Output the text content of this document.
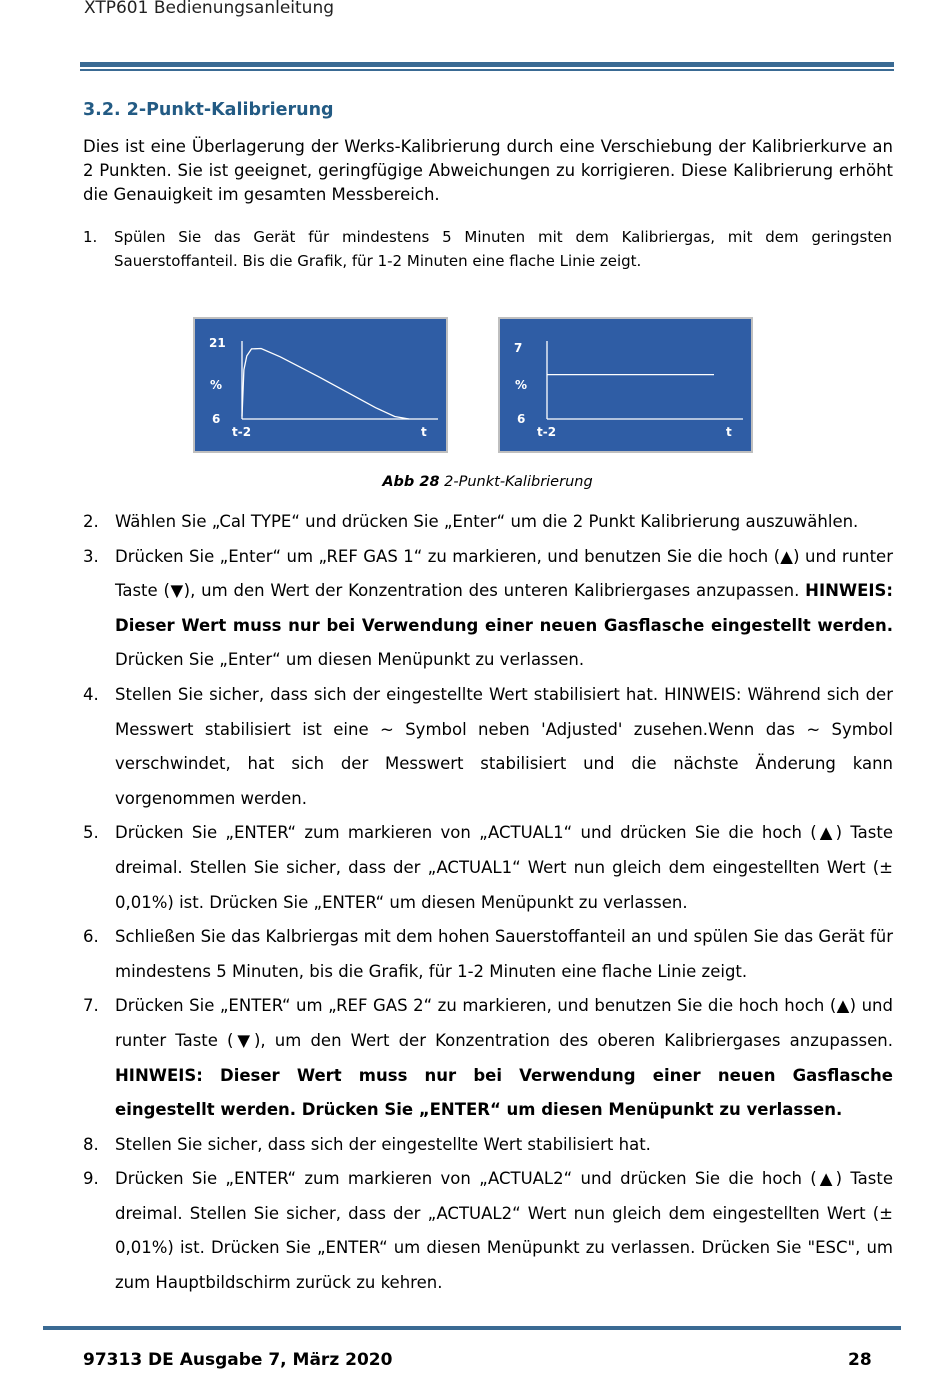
XTP601 Bedienungsanleitung
3.2. 2-Punkt-Kalibrierung
Dies ist eine Überlagerung der Werks-Kalibrierung durch eine Verschiebung der Kalibrierkurve an 2 Punkten. Sie ist geeignet, geringfügige Abweichungen zu korrigieren. Diese Kalibrierung erhöht die Genauigkeit im gesamten Messbereich.
1. Spülen Sie das Gerät für mindestens 5 Minuten mit dem Kalibriergas, mit dem geringsten Sauerstoffanteil. Bis die Grafik, für 1-2 Minuten eine flache Linie zeigt.
21
%
6
t-2	t
7
%
6
t-2	t
Abb 28 2-Punkt-Kalibrierung
2. Wählen Sie „Cal TYPE“ und drücken Sie „Enter“ um die 2 Punkt Kalibrierung auszuwählen.
3. Drücken Sie „Enter“ um „REF GAS 1“ zu markieren, und benutzen Sie die hoch (▲) und runter Taste (▼), um den Wert der Konzentration des unteren Kalibriergases anzupassen. HINWEIS: Dieser Wert muss nur bei Verwendung einer neuen Gasflasche eingestellt werden. Drücken Sie „Enter“ um diesen Menüpunkt zu verlassen.
4. Stellen Sie sicher, dass sich der eingestellte Wert stabilisiert hat. HINWEIS: Während sich der Messwert stabilisiert ist eine ~ Symbol neben 'Adjusted' zusehen.Wenn das ~ Symbol verschwindet, hat sich der Messwert stabilisiert und die nächste Änderung kann vorgenommen werden.
5. Drücken Sie „ENTER“ zum markieren von „ACTUAL1“ und drücken Sie die hoch (▲) Taste dreimal. Stellen Sie sicher, dass der „ACTUAL1“ Wert nun gleich dem eingestellten Wert (± 0,01%) ist. Drücken Sie „ENTER“ um diesen Menüpunkt zu verlassen.
6. Schließen Sie das Kalbriergas mit dem hohen Sauerstoffanteil an und spülen Sie das Gerät für mindestens 5 Minuten, bis die Grafik, für 1-2 Minuten eine flache Linie zeigt.
7. Drücken Sie „ENTER“ um „REF GAS 2“ zu markieren, und benutzen Sie die hoch hoch (▲) und runter Taste (▼), um den Wert der Konzentration des oberen Kalibriergases anzupassen. HINWEIS: Dieser Wert muss nur bei Verwendung einer neuen Gasflasche eingestellt werden. Drücken Sie „ENTER“ um diesen Menüpunkt zu verlassen.
8. Stellen Sie sicher, dass sich der eingestellte Wert stabilisiert hat.
9. Drücken Sie „ENTER“ zum markieren von „ACTUAL2“ und drücken Sie die hoch (▲) Taste dreimal. Stellen Sie sicher, dass der „ACTUAL2“ Wert nun gleich dem eingestellten Wert (± 0,01%) ist. Drücken Sie „ENTER“ um diesen Menüpunkt zu verlassen. Drücken Sie "ESC", um zum Hauptbildschirm zurück zu kehren.
97313 DE Ausgabe 7, März 2020	28
